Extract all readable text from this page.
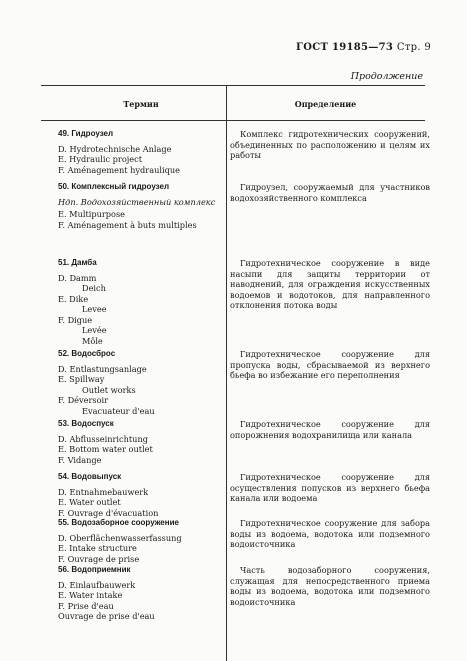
ГОСТ 19185—73 Стр. 9
Продолжение
Термин	Определение
49. Гидроузел
D. Hydrotechnische Anlage
E. Hydraulic project
F. Aménagement hydraulique
Комплекс гидротехнических сооружений, объединенных по расположению и целям их работы
50. Комплексный гидроузел
Ндп. Водохозяйственный комплекс
E. Multipurpose
F. Aménagement à buts multiples
Гидроузел, сооружаемый для участников водохозяйственного комплекса
51. Дамба
D. Damm
Deich
E. Dike
Levee
F. Digue
Levée
Môle
Гидротехническое сооружение в виде насыпи для защиты территории от наводнений, для ограждения искусственных водоемов и водотоков, для направленного отклонения потока воды
52. Водосброс
D. Entlastungsanlage
E. Spillway
Outlet works
F. Déversoir
Evacuateur d'eau
Гидротехническое сооружение для пропуска воды, сбрасываемой из верхнего бьефа во избежание его переполнения
53. Водоспуск
D. Abflusseinrichtung
E. Bottom water outlet
F. Vidange
Гидротехническое сооружение для опорожнения водохранилища или канала
54. Водовыпуск
D. Entnahmebauwerk
E. Water outlet
F. Ouvrage d'évacuation
Гидротехническое сооружение для осуществления попусков из верхнего бьефа канала или водоема
55. Водозаборное сооружение
D. Oberflächenwasserfassung
E. Intake structure
F. Ouvrage de prise
Гидротехническое сооружение для забора воды из водоема, водотока или подземного водоисточника
56. Водоприемник
D. Einlaufbauwerk
E. Water intake
F. Prise d'eau
Ouvrage de prise d'eau
Часть водозаборного сооружения, служащая для непосредственного приема воды из водоема, водотока или подземного водоисточника
